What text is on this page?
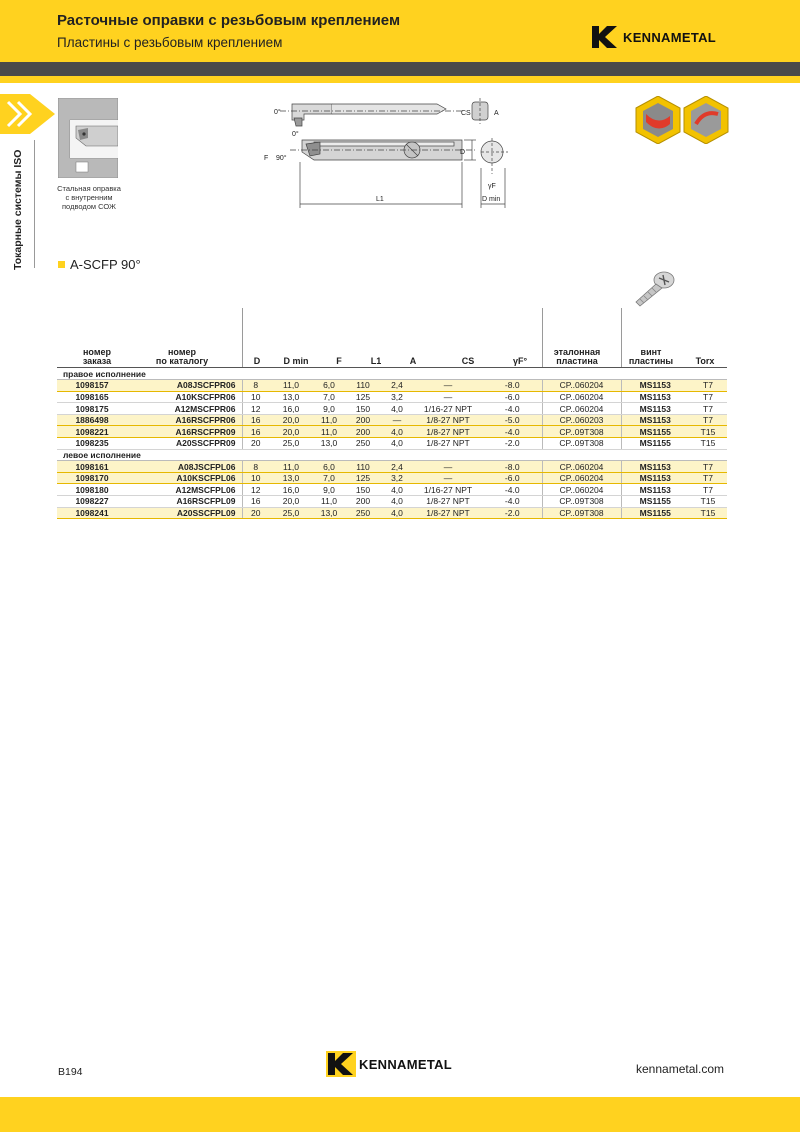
Расточные оправки с резьбовым креплением
Пластины с резьбовым креплением	KENNAMETAL
Токарные системы ISO	Стальная оправка с внутренним подводом СОЖ
0°
0°
F 90°
CS	A
D
γF
L1	D min
A-SCFP 90°
номер
заказа
номер
по каталогу	D	D min	F	L1	A	CS	γF°
эталонная
пластина
винт
пластины	Torx
правое исполнение											
1098157	A08JSCFPR06	8	11,0	6,0	110	2,4	—	-8.0	CP..060204	MS1153	T7
1098165	A10KSCFPR06	10	13,0	7,0	125	3,2	—	-6.0	CP..060204	MS1153	T7
1098175	A12MSCFPR06	12	16,0	9,0	150	4,0	1/16-27 NPT	-4.0	CP..060204	MS1153	T7
1886498	A16RSCFPR06	16	20,0	11,0	200	—	1/8-27 NPT	-5.0	CP..060203	MS1153	T7
1098221	A16RSCFPR09	16	20,0	11,0	200	4,0	1/8-27 NPT	-4.0	CP..09T308	MS1155	T15
1098235	A20SSCFPR09	20	25,0	13,0	250	4,0	1/8-27 NPT	-2.0	CP..09T308	MS1155	T15
левое исполнение											
1098161	A08JSCFPL06	8	11,0	6,0	110	2,4	—	-8.0	CP..060204	MS1153	T7
1098170	A10KSCFPL06	10	13,0	7,0	125	3,2	—	-6.0	CP..060204	MS1153	T7
1098180	A12MSCFPL06	12	16,0	9,0	150	4,0	1/16-27 NPT	-4.0	CP..060204	MS1153	T7
1098227	A16RSCFPL09	16	20,0	11,0	200	4,0	1/8-27 NPT	-4.0	CP..09T308	MS1155	T15
1098241	A20SSCFPL09	20	25,0	13,0	250	4,0	1/8-27 NPT	-2.0	CP..09T308	MS1155	T15
B194
KENNAMETAL	kennametal.com
